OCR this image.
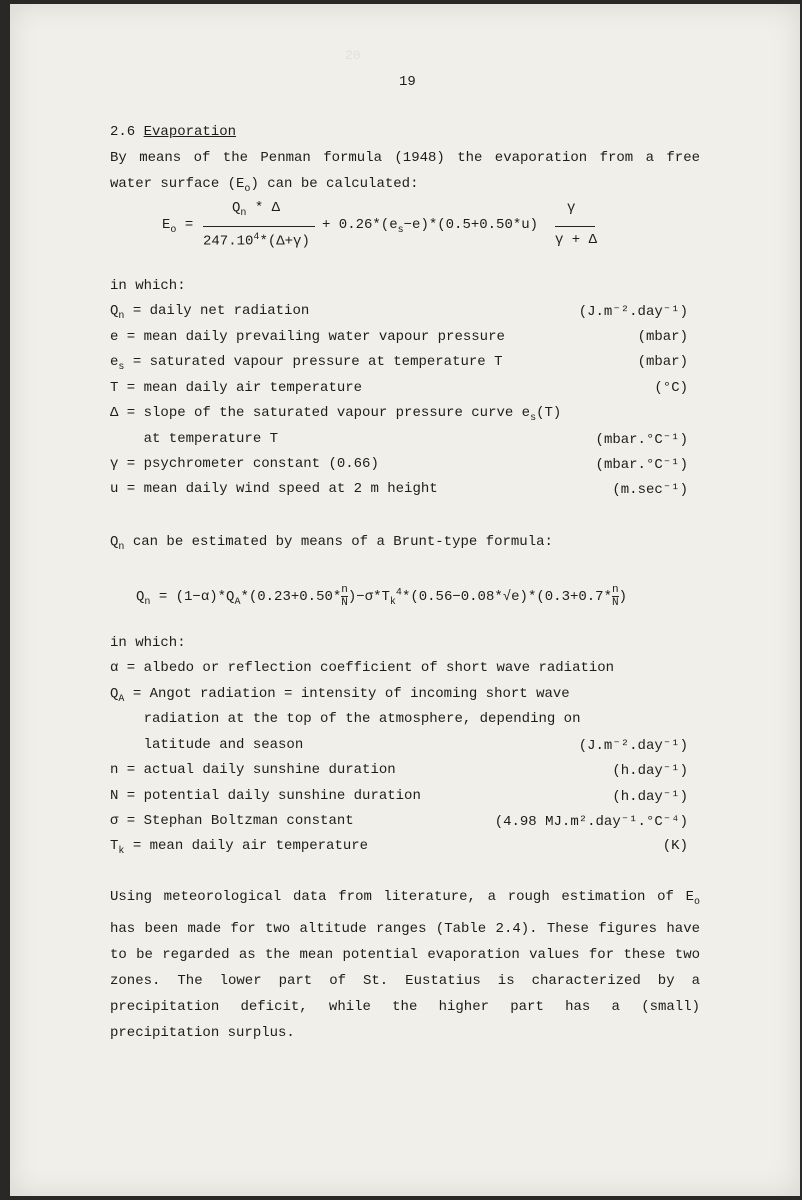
20
19
2.6 Evaporation
By means of the Penman formula (1948) the evaporation from a free water surface $(E_o)$ can be calculated:
$E_o$ =
$Q_n$ * Δ
$247.10^4*(\Delta+\gamma)$
+ $0.26*(e_s-e)*(0.5+0.50*u)$
γ
γ + Δ
in which:
$Q_n$ = daily net radiation	(J.m⁻².day⁻¹)
e = mean daily prevailing water vapour pressure	(mbar)
$e_s$ = saturated vapour pressure at temperature T	(mbar)
T = mean daily air temperature	(°C)
Δ = slope of the saturated vapour pressure curve $e_s(T)$
at temperature T	(mbar.°C⁻¹)
γ = psychrometer constant (0.66)	(mbar.°C⁻¹)
u = mean daily wind speed at 2 m height	(m.sec⁻¹)
$Q_n$ can be estimated by means of a Brunt-type formula:
$Q_n = (1-\alpha)*Q_A*(0.23+0.50*\frac{n}{N})-\sigma*T_k^4*(0.56-0.08*√e)*(0.3+0.7*\frac{n}{N})$
in which:
α = albedo or reflection coefficient of short wave radiation
$Q_A$ = Angot radiation = intensity of incoming short wave
radiation at the top of the atmosphere, depending on
latitude and season	(J.m⁻².day⁻¹)
n = actual daily sunshine duration	(h.day⁻¹)
N = potential daily sunshine duration	(h.day⁻¹)
σ = Stephan Boltzman constant	(4.98 MJ.m².day⁻¹.°C⁻⁴)
$T_k$ = mean daily air temperature	(K)
Using meteorological data from literature, a rough estimation of $E_o$ has been made for two altitude ranges (Table 2.4). These figures have to be regarded as the mean potential evaporation values for these two zones. The lower part of St. Eustatius is characterized by a precipitation deficit, while the higher part has a (small) precipitation surplus.
